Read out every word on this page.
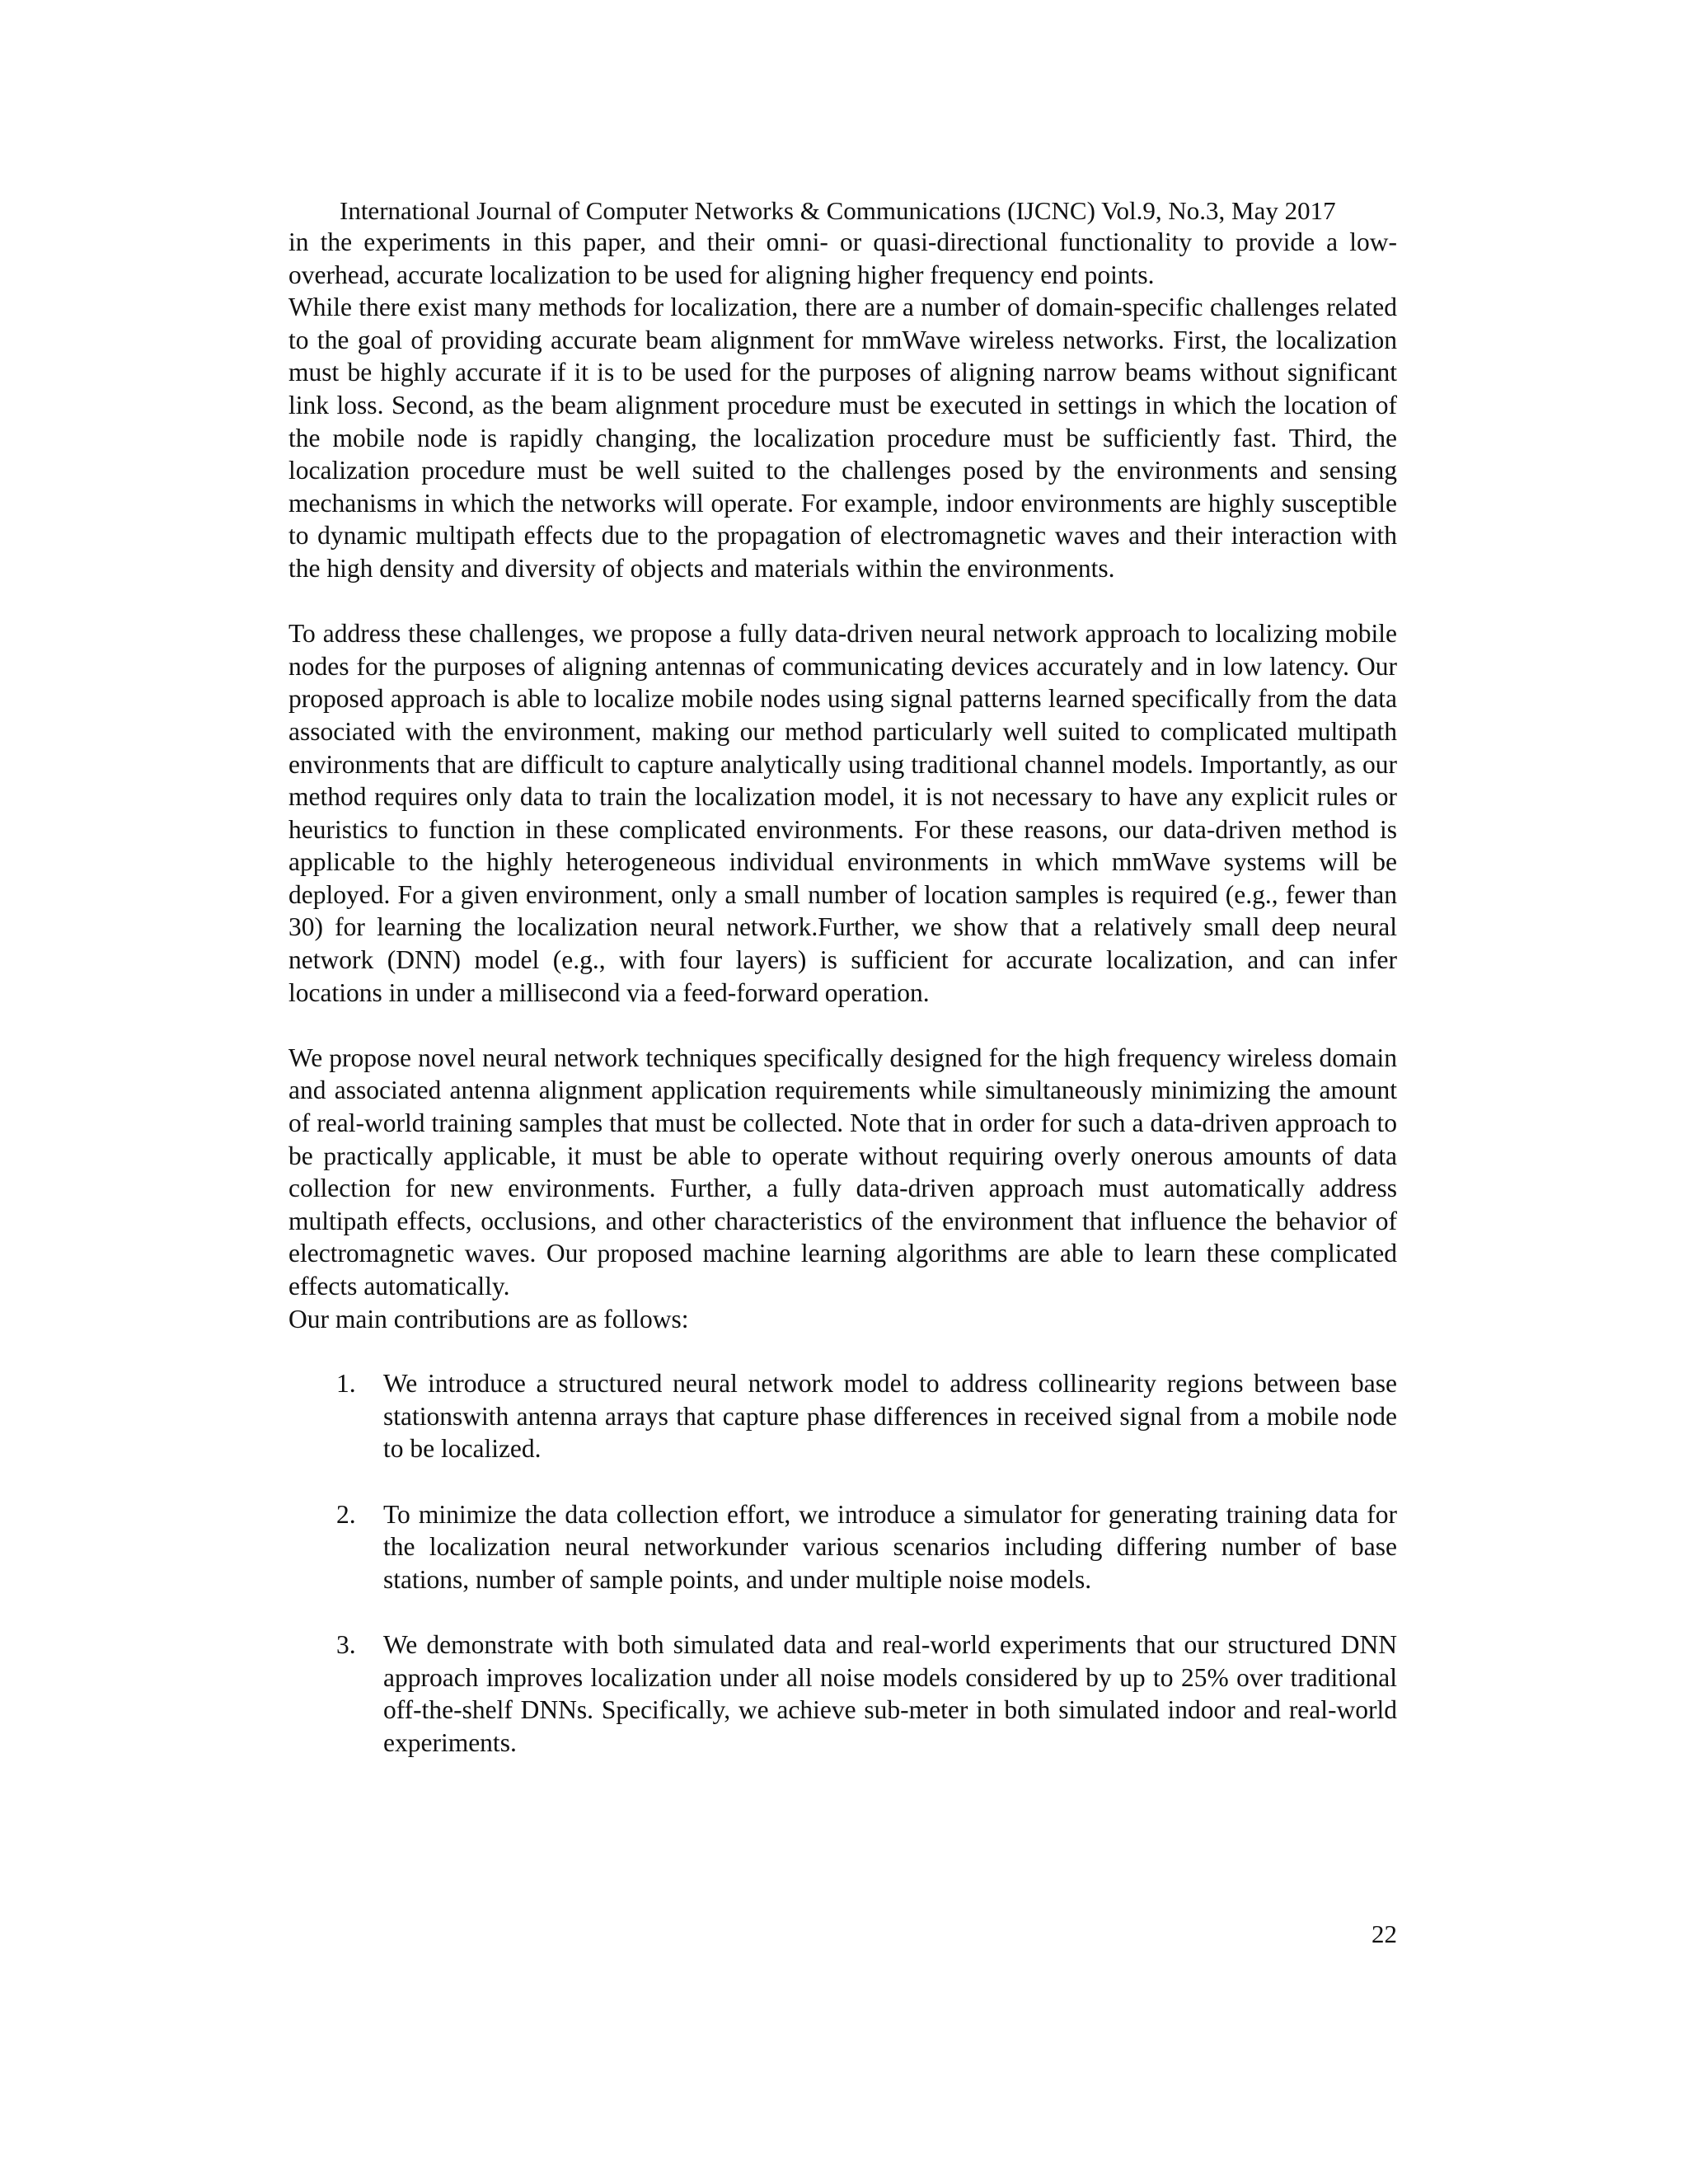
International Journal of Computer Networks & Communications (IJCNC) Vol.9, No.3, May 2017

in the experiments in this paper, and their omni- or quasi-directional functionality to provide a low-overhead, accurate localization to be used for aligning higher frequency end points.

While there exist many methods for localization, there are a number of domain-specific challenges related to the goal of providing accurate beam alignment for mmWave wireless networks. First, the localization must be highly accurate if it is to be used for the purposes of aligning narrow beams without significant link loss. Second, as the beam alignment procedure must be executed in settings in which the location of the mobile node is rapidly changing, the localization procedure must be sufficiently fast. Third, the localization procedure must be well suited to the challenges posed by the environments and sensing mechanisms in which the networks will operate. For example, indoor environments are highly susceptible to dynamic multipath effects due to the propagation of electromagnetic waves and their interaction with the high density and diversity of objects and materials within the environments.

To address these challenges, we propose a fully data-driven neural network approach to localizing mobile nodes for the purposes of aligning antennas of communicating devices accurately and in low latency. Our proposed approach is able to localize mobile nodes using signal patterns learned specifically from the data associated with the environment, making our method particularly well suited to complicated multipath environments that are difficult to capture analytically using traditional channel models. Importantly, as our method requires only data to train the localization model, it is not necessary to have any explicit rules or heuristics to function in these complicated environments. For these reasons, our data-driven method is applicable to the highly heterogeneous individual environments in which mmWave systems will be deployed. For a given environment, only a small number of location samples is required (e.g., fewer than 30) for learning the localization neural network.Further, we show that a relatively small deep neural network (DNN) model (e.g., with four layers) is sufficient for accurate localization, and can infer locations in under a millisecond via a feed-forward operation.

We propose novel neural network techniques specifically designed for the high frequency wireless domain and associated antenna alignment application requirements while simultaneously minimizing the amount of real-world training samples that must be collected. Note that in order for such a data-driven approach to be practically applicable, it must be able to operate without requiring overly onerous amounts of data collection for new environments. Further, a fully data-driven approach must automatically address multipath effects, occlusions, and other characteristics of the environment that influence the behavior of electromagnetic waves. Our proposed machine learning algorithms are able to learn these complicated effects automatically.

Our main contributions are as follows:

1. We introduce a structured neural network model to address collinearity regions between base stationswith antenna arrays that capture phase differences in received signal from a mobile node to be localized.
2. To minimize the data collection effort, we introduce a simulator for generating training data for the localization neural networkunder various scenarios including differing number of base stations, number of sample points, and under multiple noise models.
3. We demonstrate with both simulated data and real-world experiments that our structured DNN approach improves localization under all noise models considered by up to 25% over traditional off-the-shelf DNNs. Specifically, we achieve sub-meter in both simulated indoor and real-world experiments.
22
